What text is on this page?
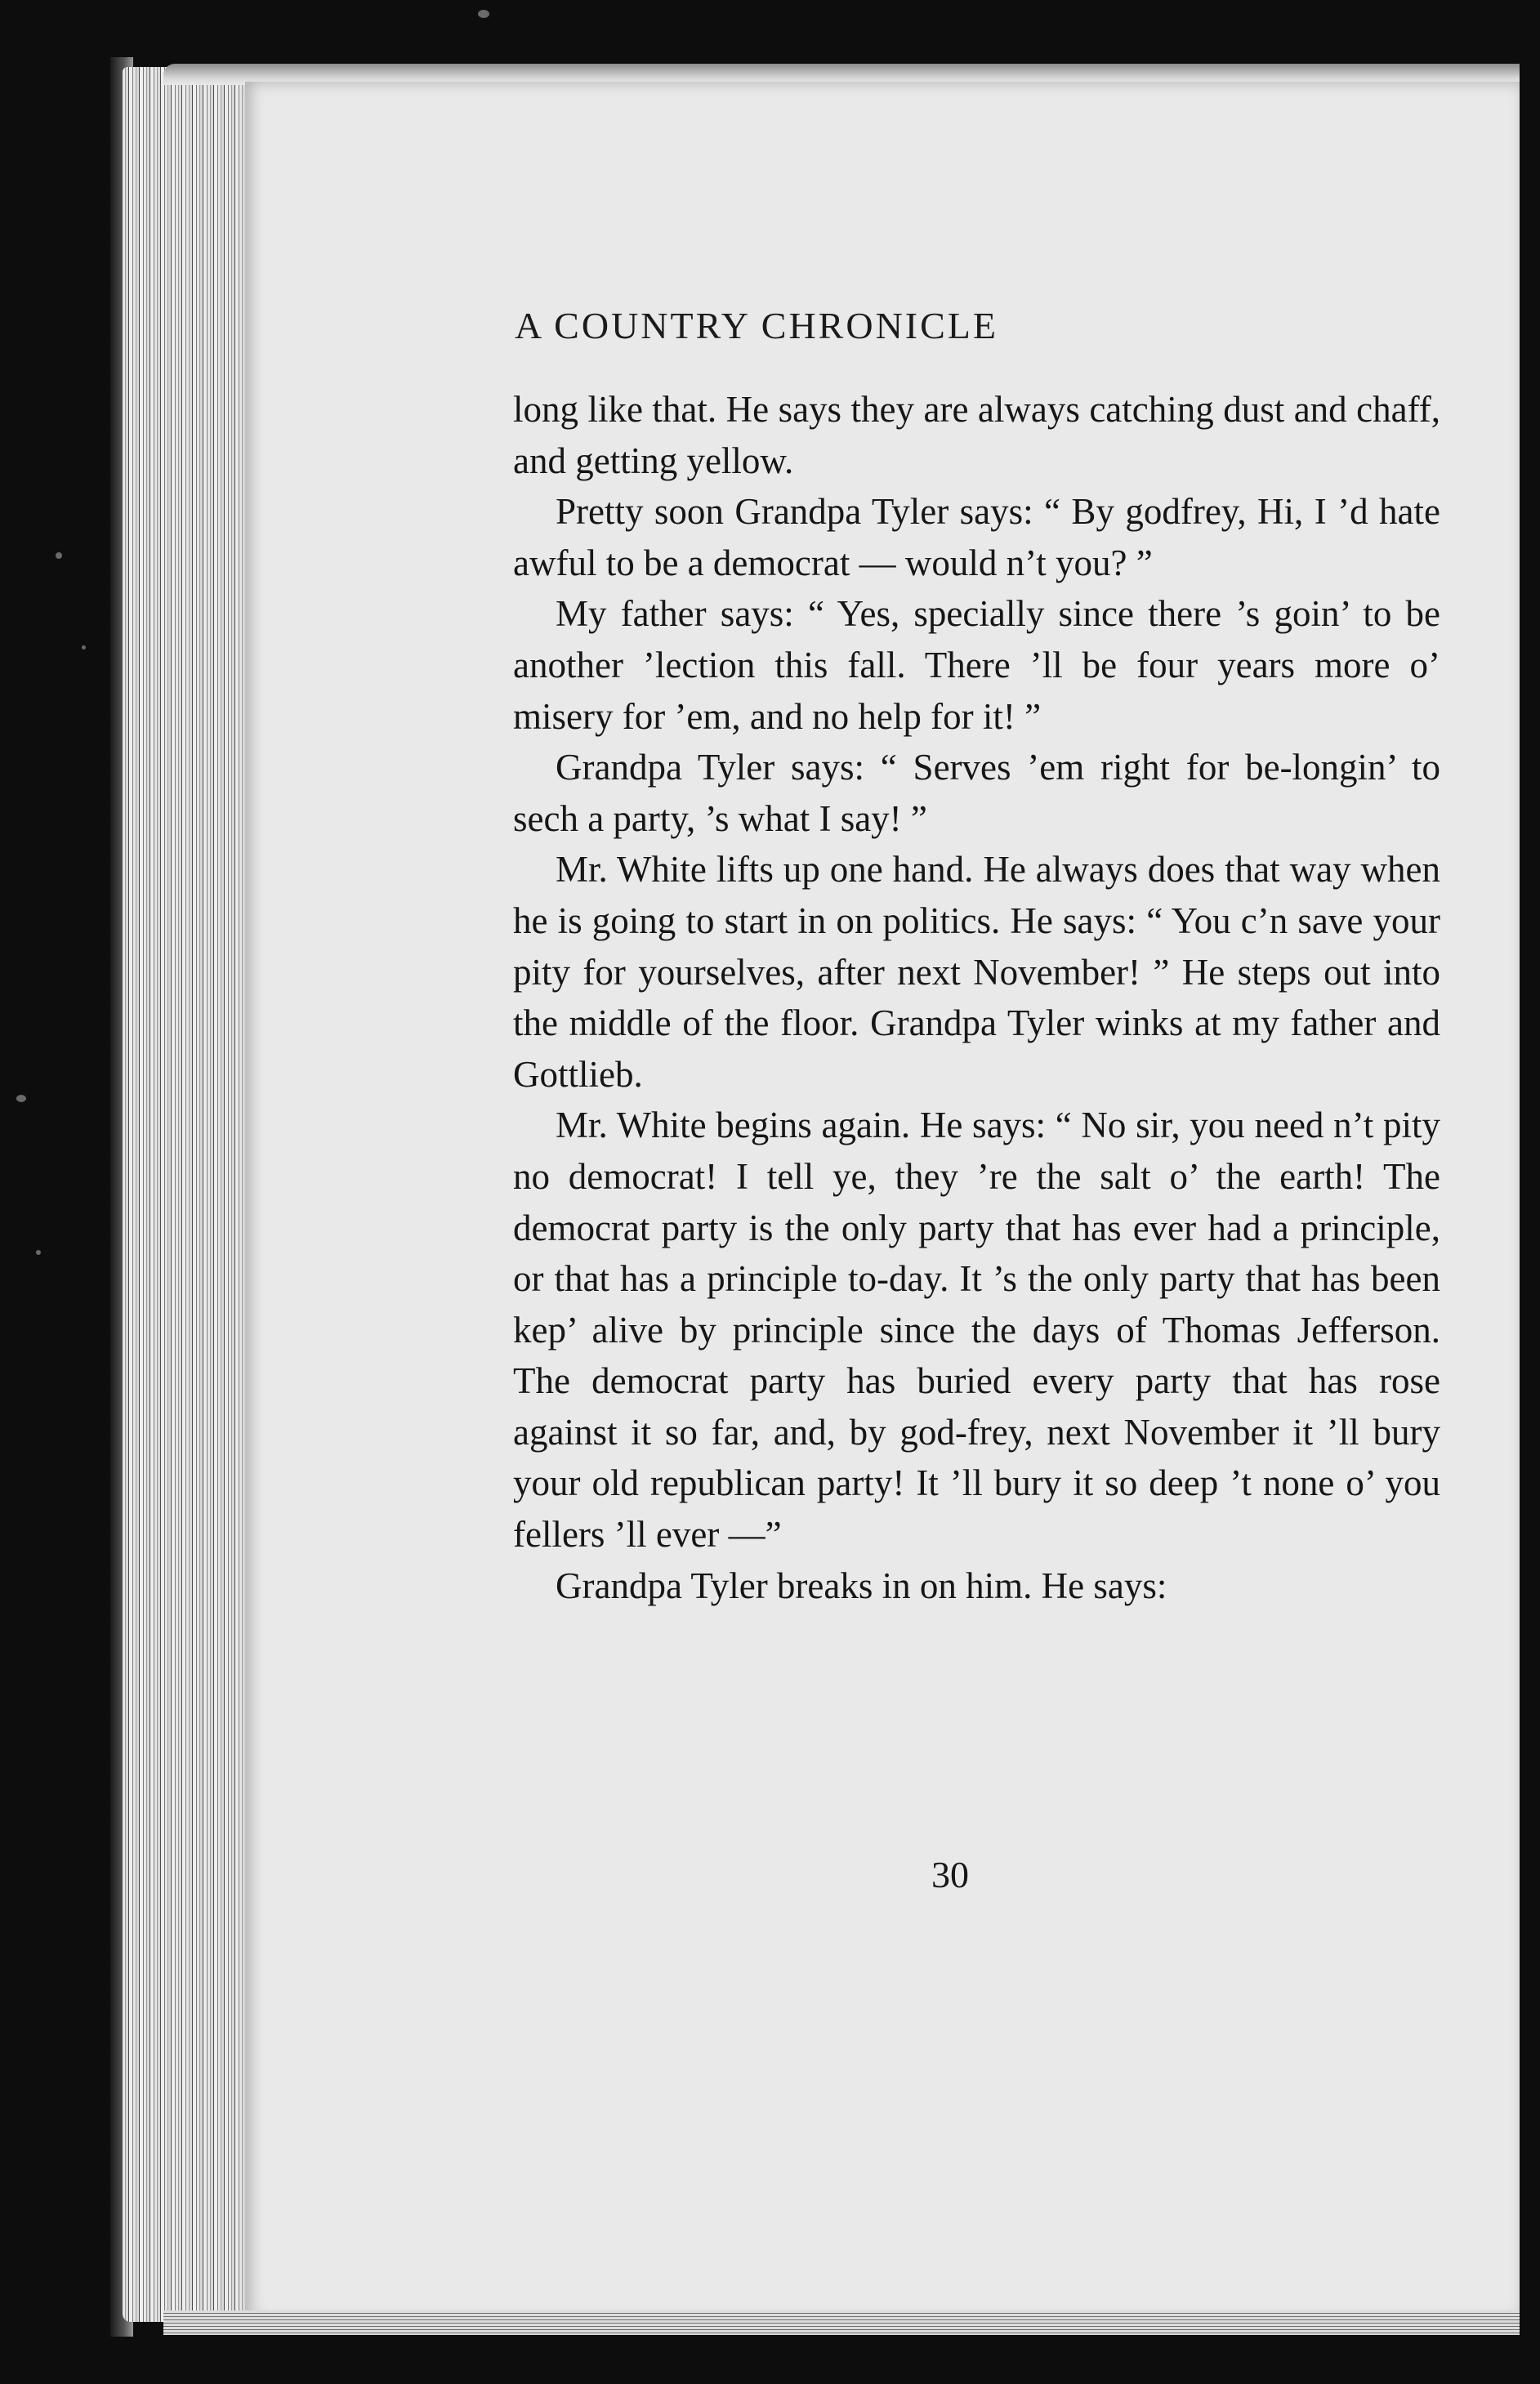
A COUNTRY CHRONICLE

long like that. He says they are always catching dust and chaff, and getting yellow.

Pretty soon Grandpa Tyler says: “ By godfrey, Hi, I ’d hate awful to be a democrat — would n’t you? ”

My father says: “ Yes, specially since there ’s goin’ to be another ’lection this fall. There ’ll be four years more o’ misery for ’em, and no help for it! ”

Grandpa Tyler says: “ Serves ’em right for be-longin’ to sech a party, ’s what I say! ”

Mr. White lifts up one hand. He always does that way when he is going to start in on politics. He says: “ You c’n save your pity for yourselves, after next November! ” He steps out into the middle of the floor. Grandpa Tyler winks at my father and Gottlieb.

Mr. White begins again. He says: “ No sir, you need n’t pity no democrat! I tell ye, they ’re the salt o’ the earth! The democrat party is the only party that has ever had a principle, or that has a principle to-day. It ’s the only party that has been kep’ alive by principle since the days of Thomas Jefferson. The democrat party has buried every party that has rose against it so far, and, by god-frey, next November it ’ll bury your old republican party! It ’ll bury it so deep ’t none o’ you fellers ’ll ever —”

Grandpa Tyler breaks in on him. He says:

30
